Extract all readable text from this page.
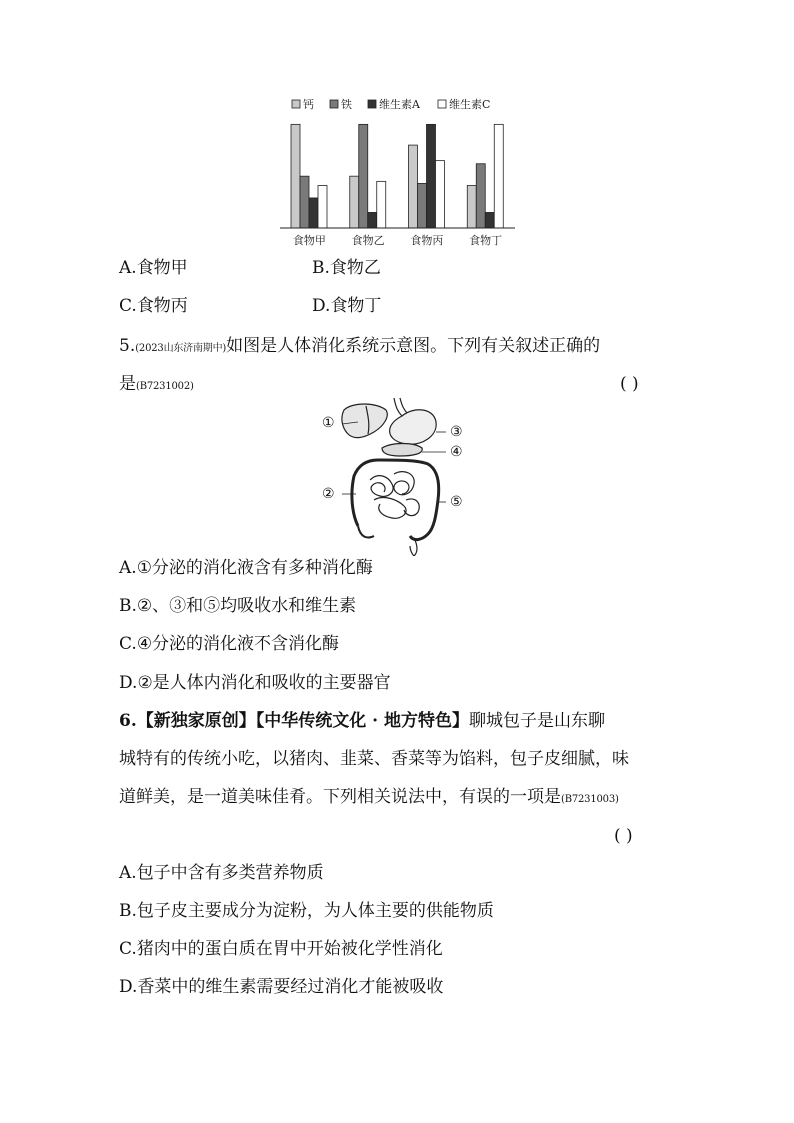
钙 铁 维生素A	维生素C
食物甲 食物乙 食物丙 食物丁
A.食物甲	B.食物乙
C.食物丙	D.食物丁
5.(2023山东济南期中)如图是人体消化系统示意图。下列有关叙述正确的
是(B7231002)	( )
①
②
③
④
⑤
A.①分泌的消化液含有多种消化酶
B.②、③和⑤均吸收水和维生素
C.④分泌的消化液不含消化酶
D.②是人体内消化和吸收的主要器官
6.【新独家原创】【中华传统文化 · 地方特色】聊城包子是山东聊
城特有的传统小吃，以猪肉、韭菜、香菜等为馅料，包子皮细腻，味
道鲜美，是一道美味佳肴。下列相关说法中，有误的一项是(B7231003)
( )
A.包子中含有多类营养物质
B.包子皮主要成分为淀粉，为人体主要的供能物质
C.猪肉中的蛋白质在胃中开始被化学性消化
D.香菜中的维生素需要经过消化才能被吸收
